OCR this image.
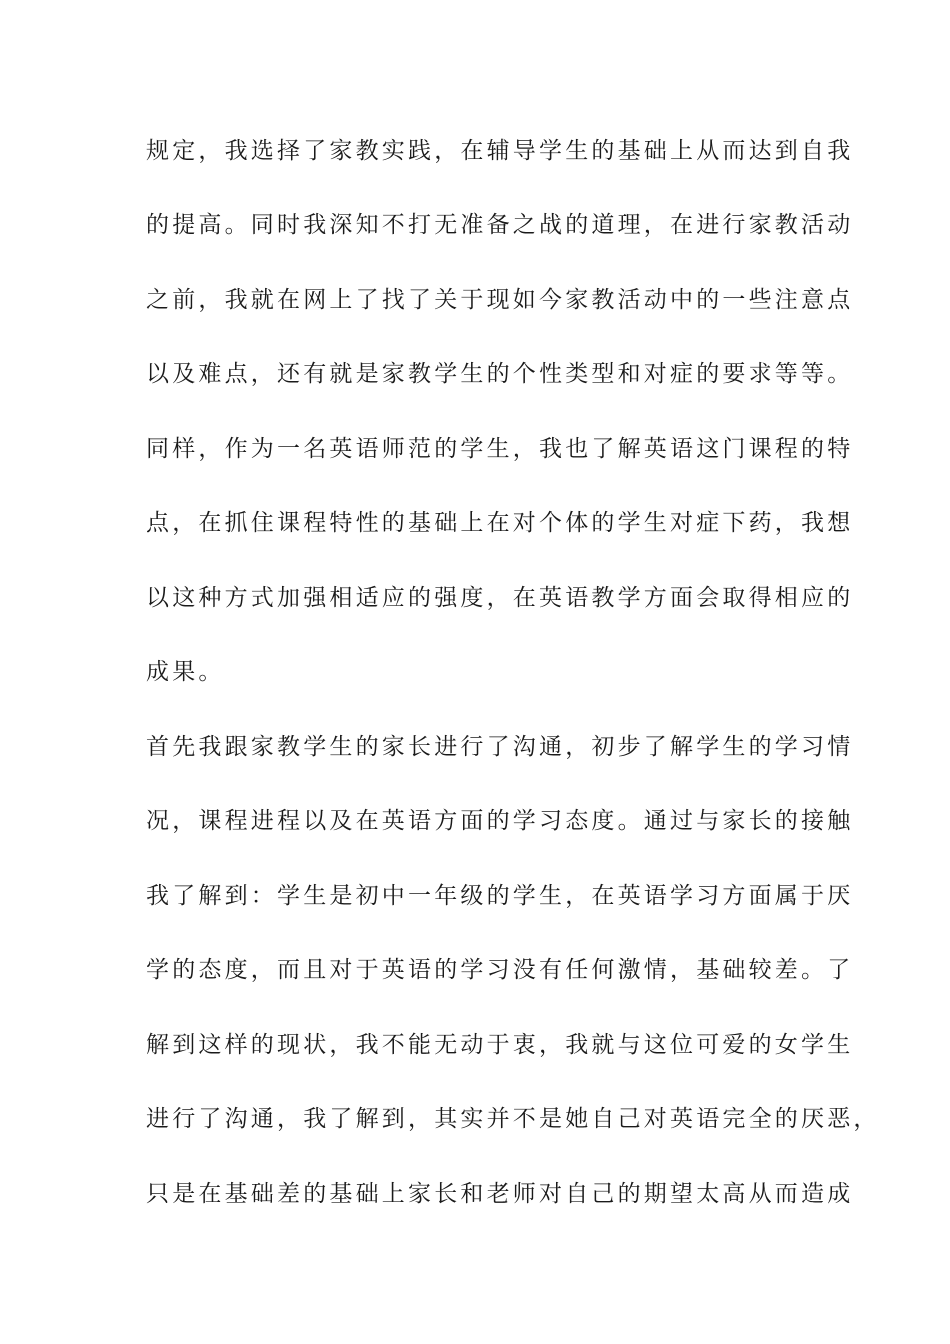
规定，我选择了家教实践，在辅导学生的基础上从而达到自我
的提高。同时我深知不打无准备之战的道理，在进行家教活动
之前，我就在网上了找了关于现如今家教活动中的一些注意点
以及难点，还有就是家教学生的个性类型和对症的要求等等。
同样，作为一名英语师范的学生，我也了解英语这门课程的特
点，在抓住课程特性的基础上在对个体的学生对症下药，我想
以这种方式加强相适应的强度，在英语教学方面会取得相应的
成果。
首先我跟家教学生的家长进行了沟通，初步了解学生的学习情
况，课程进程以及在英语方面的学习态度。通过与家长的接触
我了解到：学生是初中一年级的学生，在英语学习方面属于厌
学的态度，而且对于英语的学习没有任何激情，基础较差。了
解到这样的现状，我不能无动于衷，我就与这位可爱的女学生
进行了沟通，我了解到，其实并不是她自己对英语完全的厌恶，
只是在基础差的基础上家长和老师对自己的期望太高从而造成
